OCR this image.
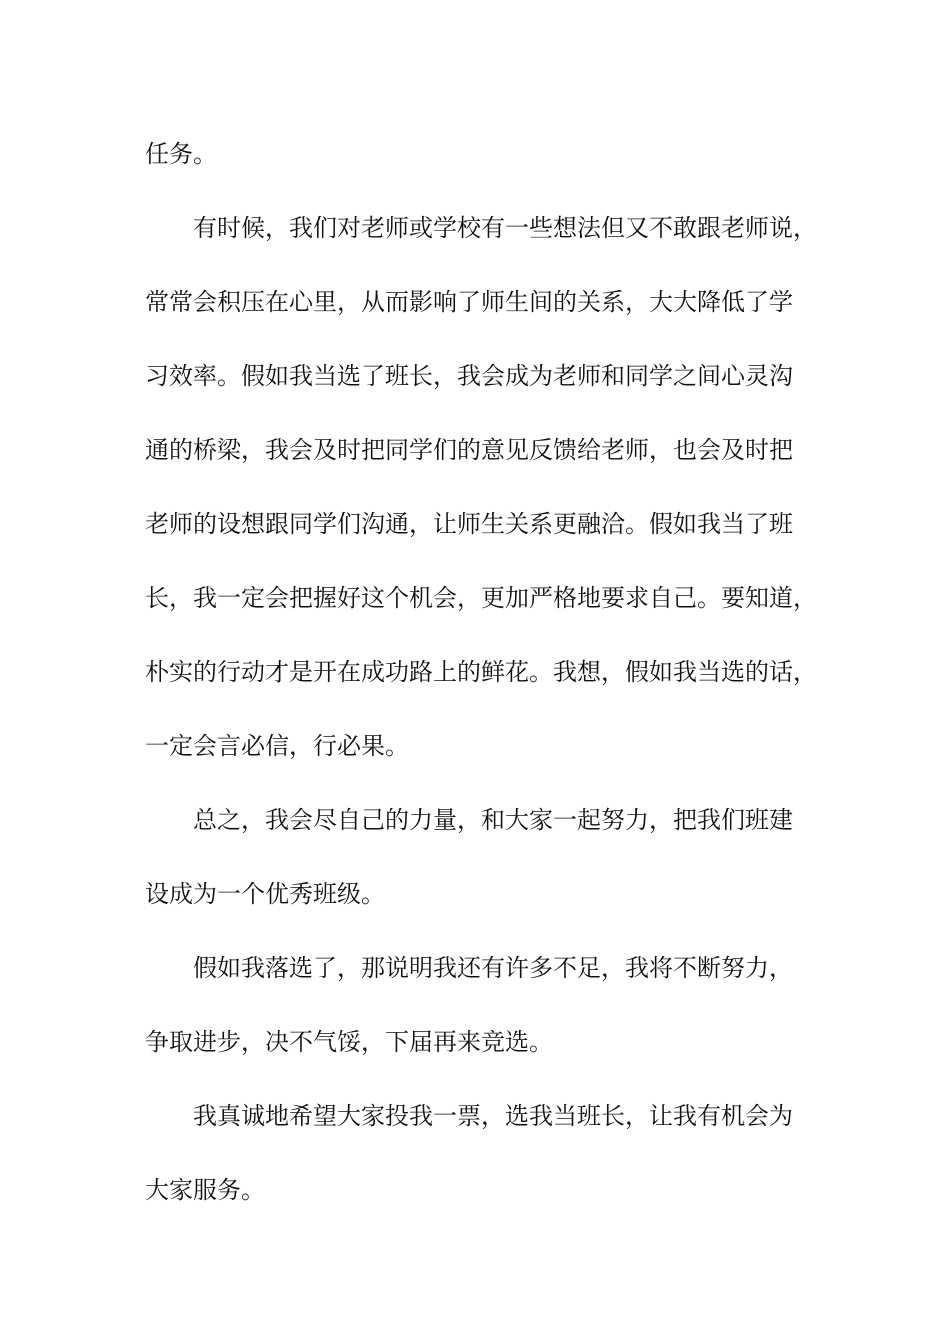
任务。
有时候，我们对老师或学校有一些想法但又不敢跟老师说，
常常会积压在心里，从而影响了师生间的关系，大大降低了学
习效率。假如我当选了班长，我会成为老师和同学之间心灵沟
通的桥梁，我会及时把同学们的意见反馈给老师，也会及时把
老师的设想跟同学们沟通，让师生关系更融洽。假如我当了班
长，我一定会把握好这个机会，更加严格地要求自己。要知道，
朴实的行动才是开在成功路上的鲜花。我想，假如我当选的话，
一定会言必信，行必果。
总之，我会尽自己的力量，和大家一起努力，把我们班建
设成为一个优秀班级。
假如我落选了，那说明我还有许多不足，我将不断努力，
争取进步，决不气馁，下届再来竞选。
我真诚地希望大家投我一票，选我当班长，让我有机会为
大家服务。
